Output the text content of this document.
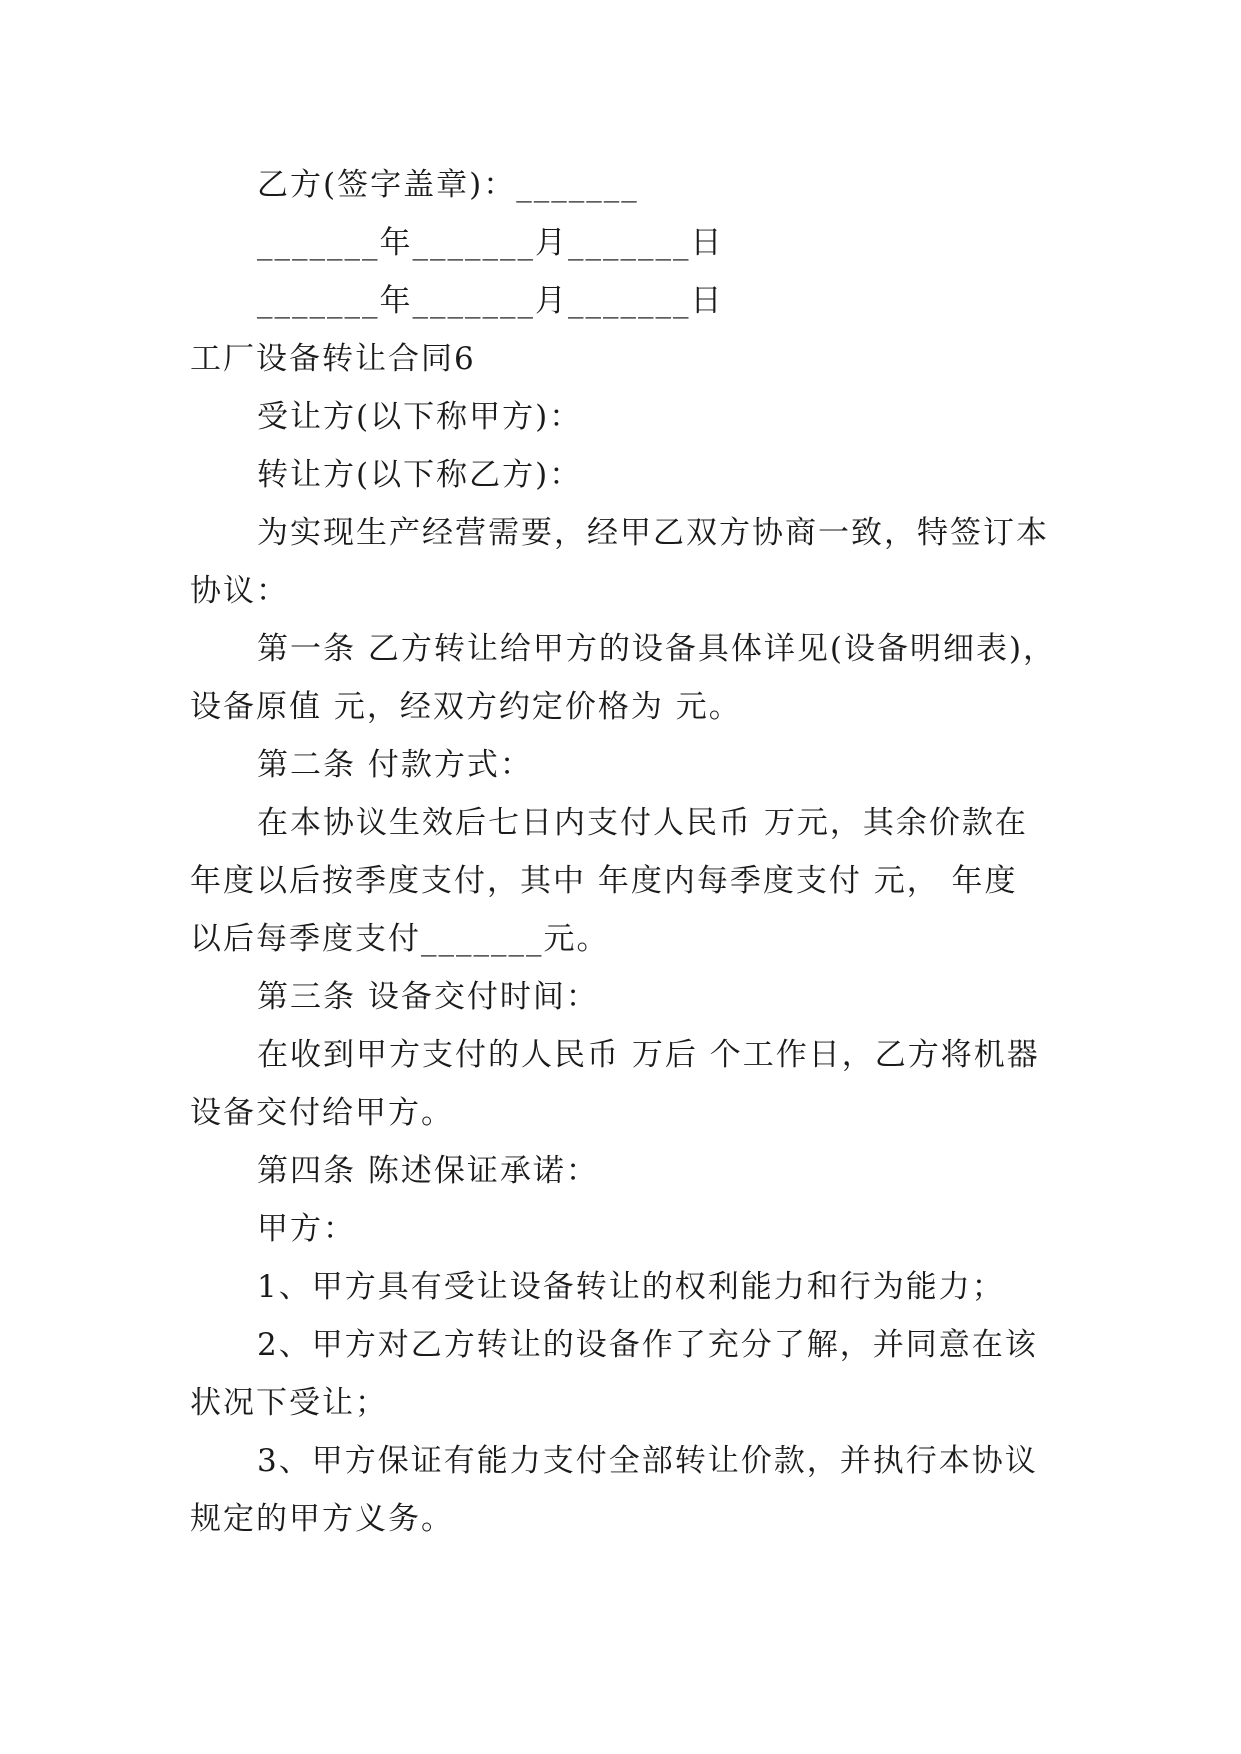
乙方(签字盖章)：_______
_______年_______月_______日
_______年_______月_______日
工厂设备转让合同6
受让方(以下称甲方)：
转让方(以下称乙方)：
为实现生产经营需要，经甲乙双方协商一致，特签订本
协议：
第一条 乙方转让给甲方的设备具体详见(设备明细表)，
设备原值 元，经双方约定价格为 元。
第二条 付款方式：
在本协议生效后七日内支付人民币 万元，其余价款在
年度以后按季度支付，其中 年度内每季度支付 元， 年度
以后每季度支付_______元。
第三条 设备交付时间：
在收到甲方支付的人民币 万后 个工作日，乙方将机器
设备交付给甲方。
第四条 陈述保证承诺：
甲方：
1、甲方具有受让设备转让的权利能力和行为能力；
2、甲方对乙方转让的设备作了充分了解，并同意在该
状况下受让；
3、甲方保证有能力支付全部转让价款，并执行本协议
规定的甲方义务。
